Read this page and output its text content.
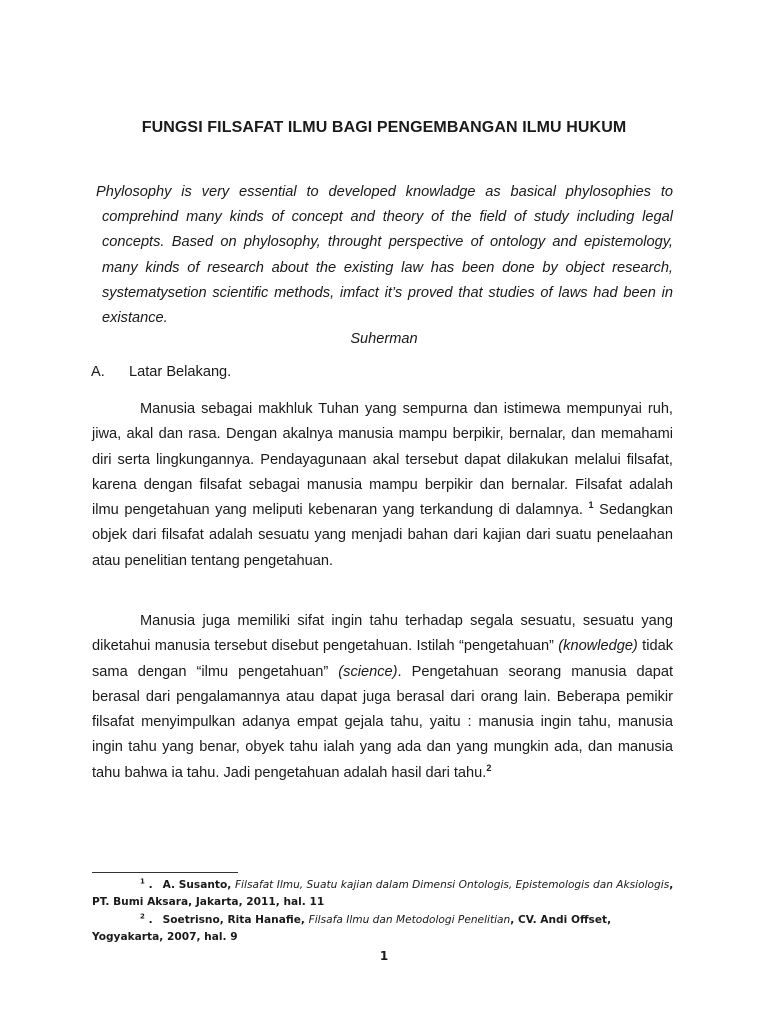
FUNGSI FILSAFAT ILMU BAGI PENGEMBANGAN ILMU HUKUM

Phylosophy is very essential to developed knowladge as basical phylosophies to comprehind many kinds of concept and theory of the field of study including legal concepts. Based on phylosophy, throught perspective of ontology and epistemology, many kinds of research about the existing law has been done by object research, systematysetion scientific methods, imfact it’s proved that studies of laws had been in existance.

Suherman
A. Latar Belakang.

Manusia sebagai makhluk Tuhan yang sempurna dan istimewa mempunyai ruh, jiwa, akal dan rasa. Dengan akalnya manusia mampu berpikir, bernalar, dan memahami diri serta lingkungannya. Pendayagunaan akal tersebut dapat dilakukan melalui filsafat, karena dengan filsafat sebagai manusia mampu berpikir dan bernalar. Filsafat adalah ilmu pengetahuan yang meliputi kebenaran yang terkandung di dalamnya. $^1$ Sedangkan objek dari filsafat adalah sesuatu yang menjadi bahan dari kajian dari suatu penelaahan atau penelitian tentang pengetahuan.

Manusia juga memiliki sifat ingin tahu terhadap segala sesuatu, sesuatu yang diketahui manusia tersebut disebut pengetahuan. Istilah “pengetahuan” (knowledge) tidak sama dengan “ilmu pengetahuan” (science). Pengetahuan seorang manusia dapat berasal dari pengalamannya atau dapat juga berasal dari orang lain. Beberapa pemikir filsafat menyimpulkan adanya empat gejala tahu, yaitu : manusia ingin tahu, manusia ingin tahu yang benar, obyek tahu ialah yang ada dan yang mungkin ada, dan manusia tahu bahwa ia tahu. Jadi pengetahuan adalah hasil dari tahu.$^2$

$^1$ . A. Susanto, Filsafat Ilmu, Suatu kajian dalam Dimensi Ontologis, Epistemologis dan Aksiologis, PT. Bumi Aksara, Jakarta, 2011, hal. 11

$^2$ . Soetrisno, Rita Hanafie, Filsafa Ilmu dan Metodologi Penelitian, CV. Andi Offset, Yogyakarta, 2007, hal. 9

1
